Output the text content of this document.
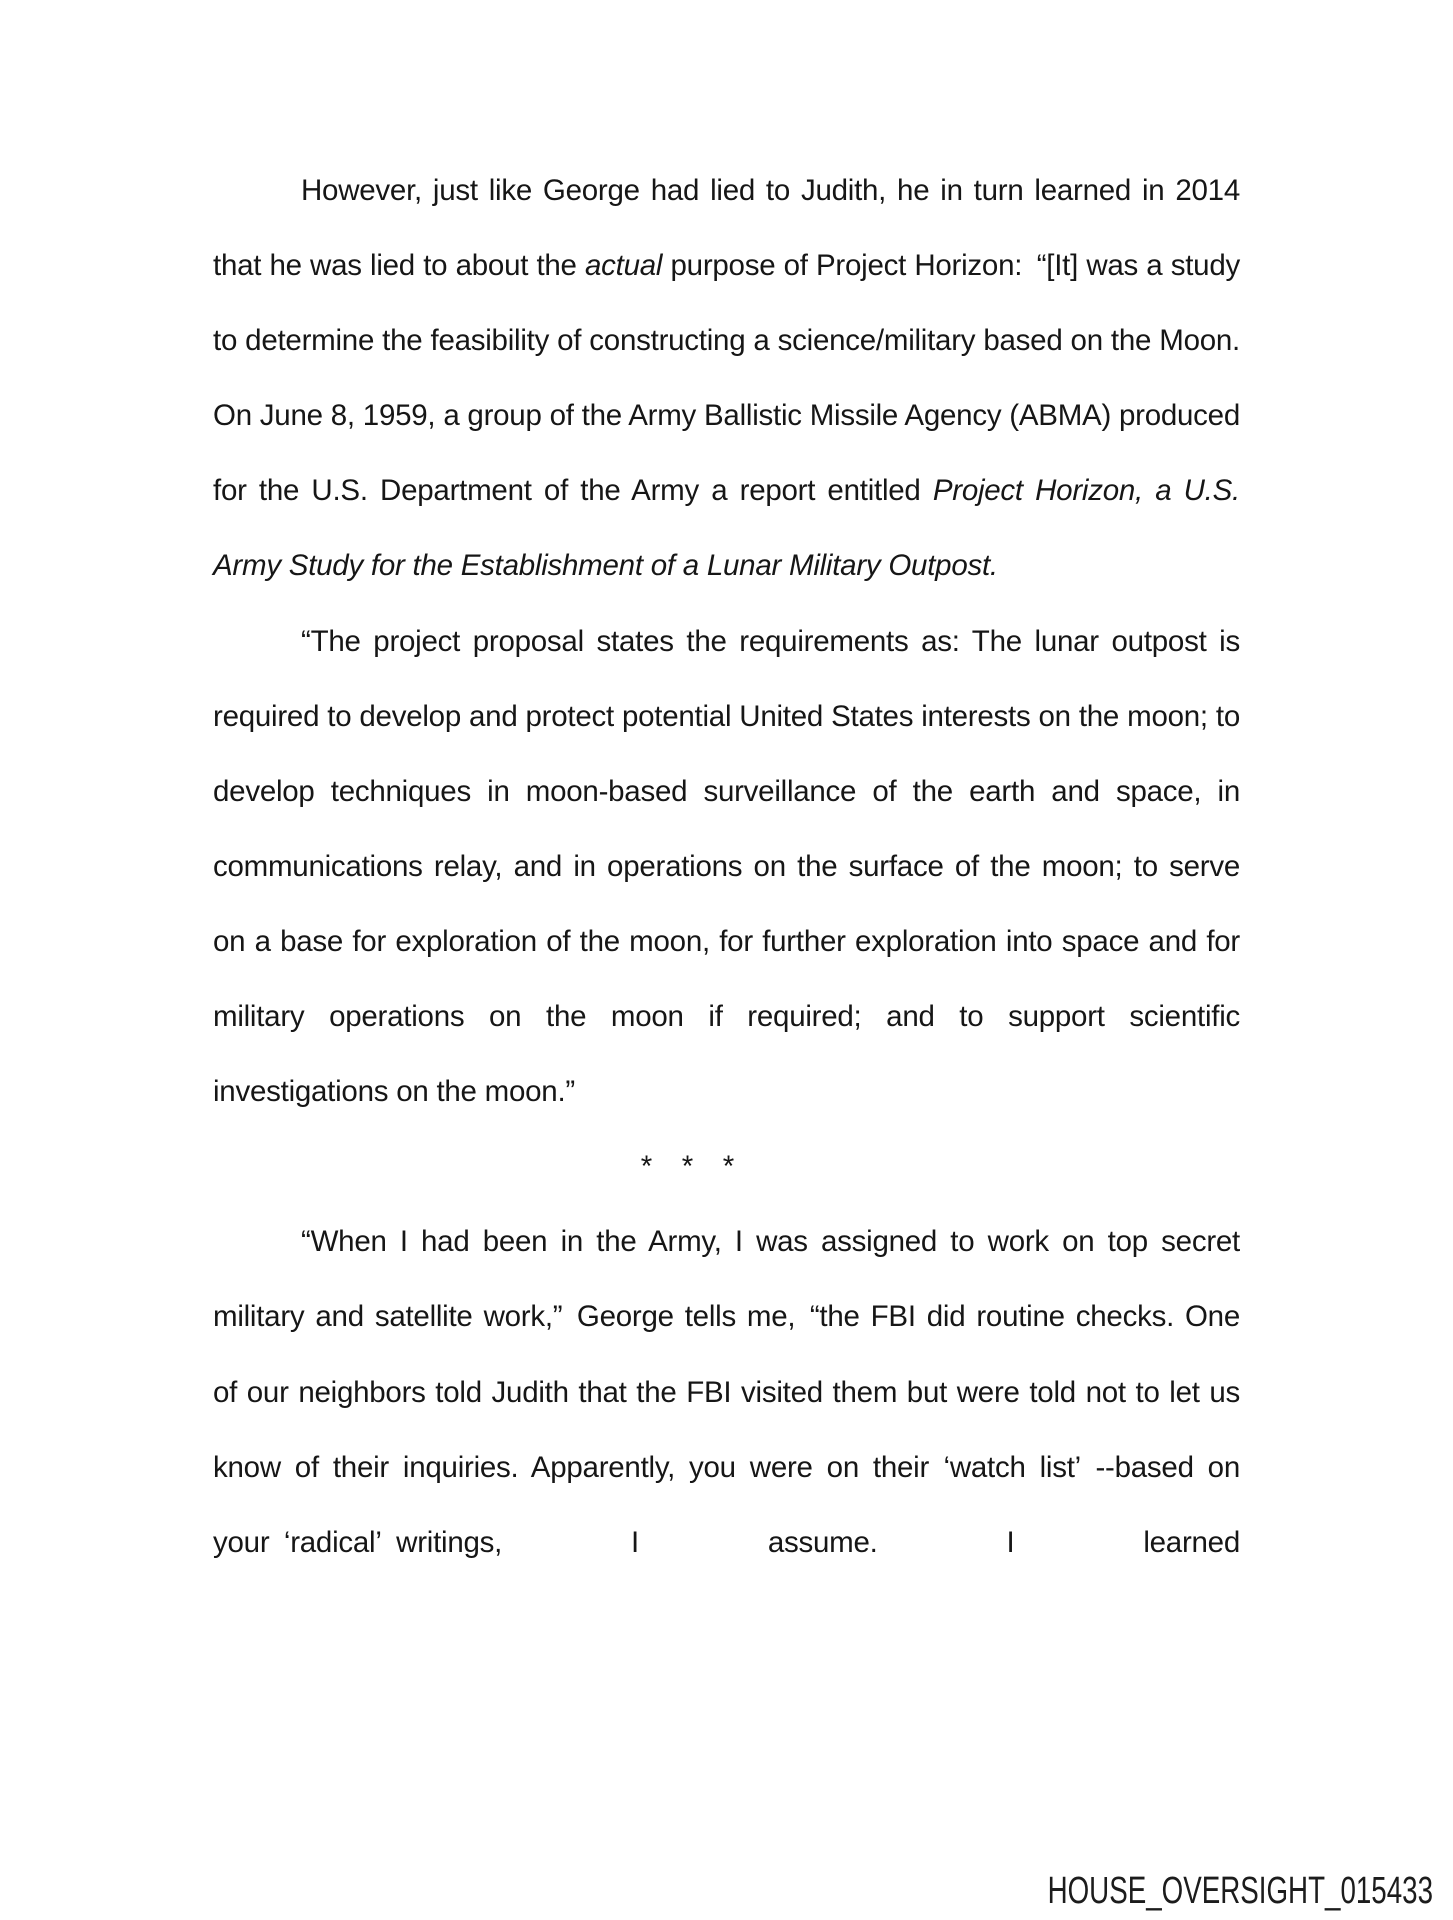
However, just like George had lied to Judith, he in turn learned in 2014 that he was lied to about the actual purpose of Project Horizon: “[It] was a study to determine the feasibility of constructing a science/military based on the Moon. On June 8, 1959, a group of the Army Ballistic Missile Agency (ABMA) produced for the U.S. Department of the Army a report entitled Project Horizon, a U.S. Army Study for the Establishment of a Lunar Military Outpost.

“The project proposal states the requirements as: The lunar outpost is required to develop and protect potential United States interests on the moon; to develop techniques in moon-based surveillance of the earth and space, in communications relay, and in operations on the surface of the moon; to serve on a base for exploration of the moon, for further exploration into space and for military operations on the moon if required; and to support scientific investigations on the moon.”

*  *  *

“When I had been in the Army, I was assigned to work on top secret military and satellite work,” George tells me, “the FBI did routine checks. One of our neighbors told Judith that the FBI visited them but were told not to let us know of their inquiries. Apparently, you were on their ‘watch list’ --based on your ‘radical’ writings, I assume. I learned

HOUSE_OVERSIGHT_015433
